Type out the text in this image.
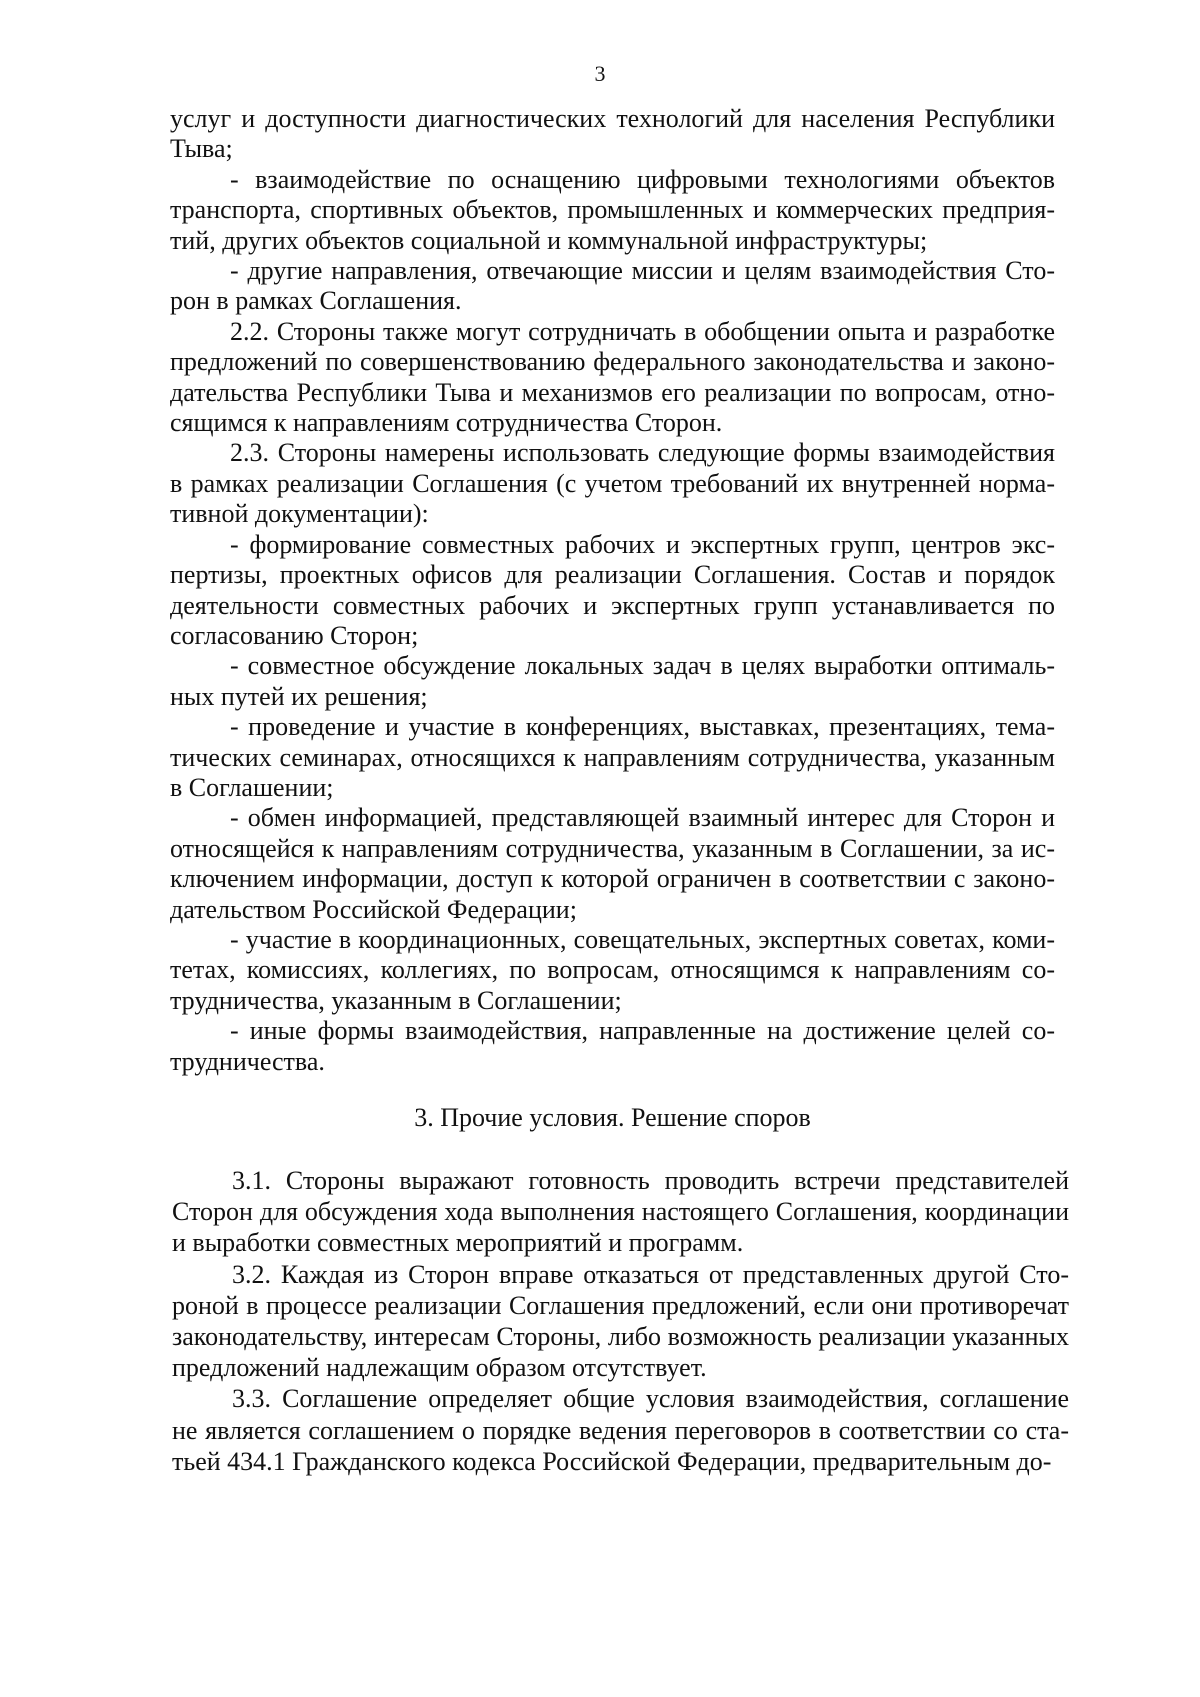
3

услуг и доступности диагностических технологий для населения Республики Тыва;

- взаимодействие по оснащению цифровыми технологиями объектов транспорта, спортивных объектов, промышленных и коммерческих предприятий, других объектов социальной и коммунальной инфраструктуры;

- другие направления, отвечающие миссии и целям взаимодействия Сторон в рамках Соглашения.

2.2. Стороны также могут сотрудничать в обобщении опыта и разработке предложений по совершенствованию федерального законодательства и законодательства Республики Тыва и механизмов его реализации по вопросам, относящимся к направлениям сотрудничества Сторон.

2.3. Стороны намерены использовать следующие формы взаимодействия в рамках реализации Соглашения (с учетом требований их внутренней нормативной документации):

- формирование совместных рабочих и экспертных групп, центров экспертизы, проектных офисов для реализации Соглашения. Состав и порядок деятельности совместных рабочих и экспертных групп устанавливается по согласованию Сторон;

- совместное обсуждение локальных задач в целях выработки оптимальных путей их решения;

- проведение и участие в конференциях, выставках, презентациях, тематических семинарах, относящихся к направлениям сотрудничества, указанным в Соглашении;

- обмен информацией, представляющей взаимный интерес для Сторон и относящейся к направлениям сотрудничества, указанным в Соглашении, за исключением информации, доступ к которой ограничен в соответствии с законодательством Российской Федерации;

- участие в координационных, совещательных, экспертных советах, комитетах, комиссиях, коллегиях, по вопросам, относящимся к направлениям сотрудничества, указанным в Соглашении;

- иные формы взаимодействия, направленные на достижение целей сотрудничества.

3. Прочие условия. Решение споров

3.1. Стороны выражают готовность проводить встречи представителей Сторон для обсуждения хода выполнения настоящего Соглашения, координации и выработки совместных мероприятий и программ.

3.2. Каждая из Сторон вправе отказаться от представленных другой Стороной в процессе реализации Соглашения предложений, если они противоречат законодательству, интересам Стороны, либо возможность реализации указанных предложений надлежащим образом отсутствует.

3.3. Соглашение определяет общие условия взаимодействия, соглашение не является соглашением о порядке ведения переговоров в соответствии со статьей 434.1 Гражданского кодекса Российской Федерации, предварительным до-
